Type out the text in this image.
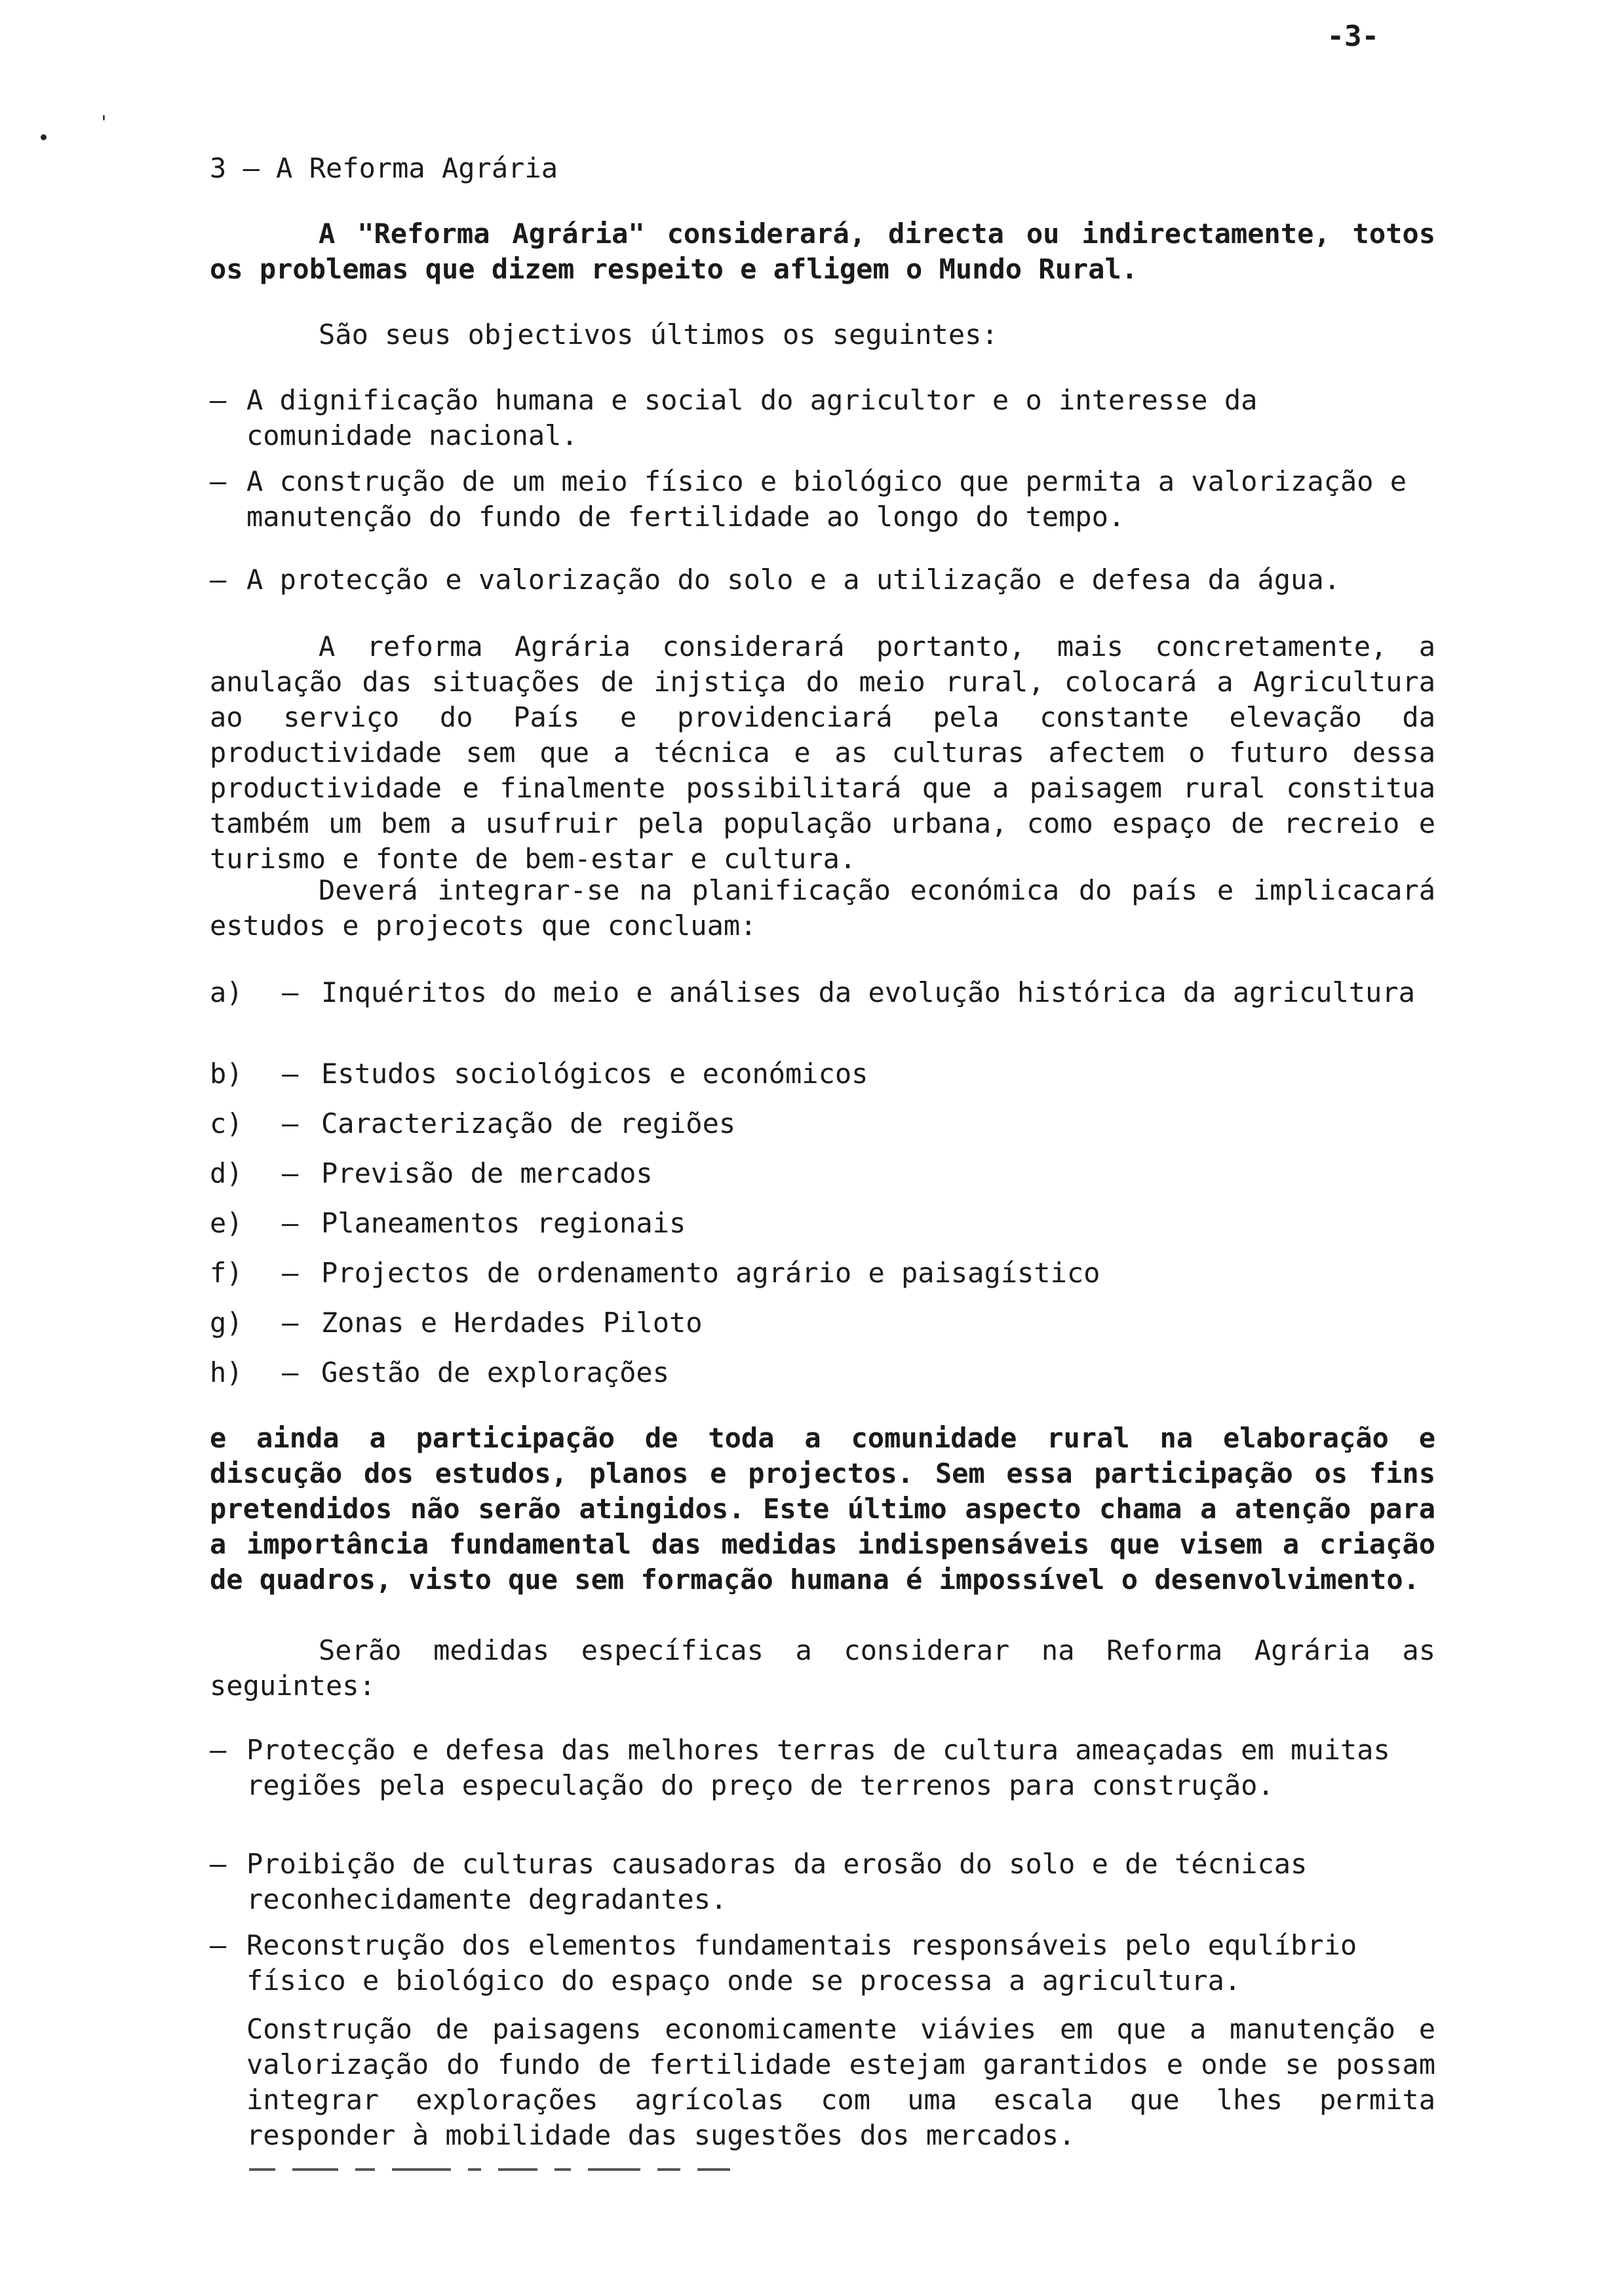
-3-
'
3 – A Reforma Agrária
A "Reforma Agrária" considerará, directa ou indirectamente, totos os problemas que dizem respeito e afligem o Mundo Rural.
São seus objectivos últimos os seguintes:
– A dignificação humana e social do agricultor e o interesse da comunidade nacional.
– A construção de um meio físico e biológico que permita a valorização e manutenção do fundo de fertilidade ao longo do tempo.
– A protecção e valorização do solo e a utilização e defesa da água.
A reforma Agrária considerará portanto, mais concretamente, a anulação das situações de injstiça do meio rural, colocará a Agricultura ao serviço do País e providenciará pela constante elevação da productividade sem que a técnica e as culturas afectem o futuro dessa productividade e finalmente possibilitará que a paisagem rural constitua também um bem a usufruir pela população urbana, como espaço de recreio e turismo e fonte de bem-estar e cultura.
Deverá integrar-se na planificação económica do país e implicacará estudos e projecots que concluam:
a) – Inquéritos do meio e análises da evolução histórica da agricultura
b) – Estudos sociológicos e económicos
c) – Caracterização de regiões
d) – Previsão de mercados
e) – Planeamentos regionais
f) – Projectos de ordenamento agrário e paisagístico
g) – Zonas e Herdades Piloto
h) – Gestão de explorações
e ainda a participação de toda a comunidade rural na elaboração e discução dos estudos, planos e projectos. Sem essa participação os fins pretendidos não serão atingidos. Este último aspecto chama a atenção para a importância fundamental das medidas indispensáveis que visem a criação de quadros, visto que sem formação humana é impossível o desenvolvimento.
Serão medidas específicas a considerar na Reforma Agrária as seguintes:
– Protecção e defesa das melhores terras de cultura ameaçadas em muitas regiões pela especulação do preço de terrenos para construção.
– Proibição de culturas causadoras da erosão do solo e de técnicas reconhecidamente degradantes.
– Reconstrução dos elementos fundamentais responsáveis pelo equlíbrio físico e biológico do espaço onde se processa a agricultura.
Construção de paisagens economicamente viávies em que a manutenção e valorização do fundo de fertilidade estejam garantidos e onde se possam integrar explorações agrícolas com uma escala que lhes permita responder à mobilidade das sugestões dos mercados.
